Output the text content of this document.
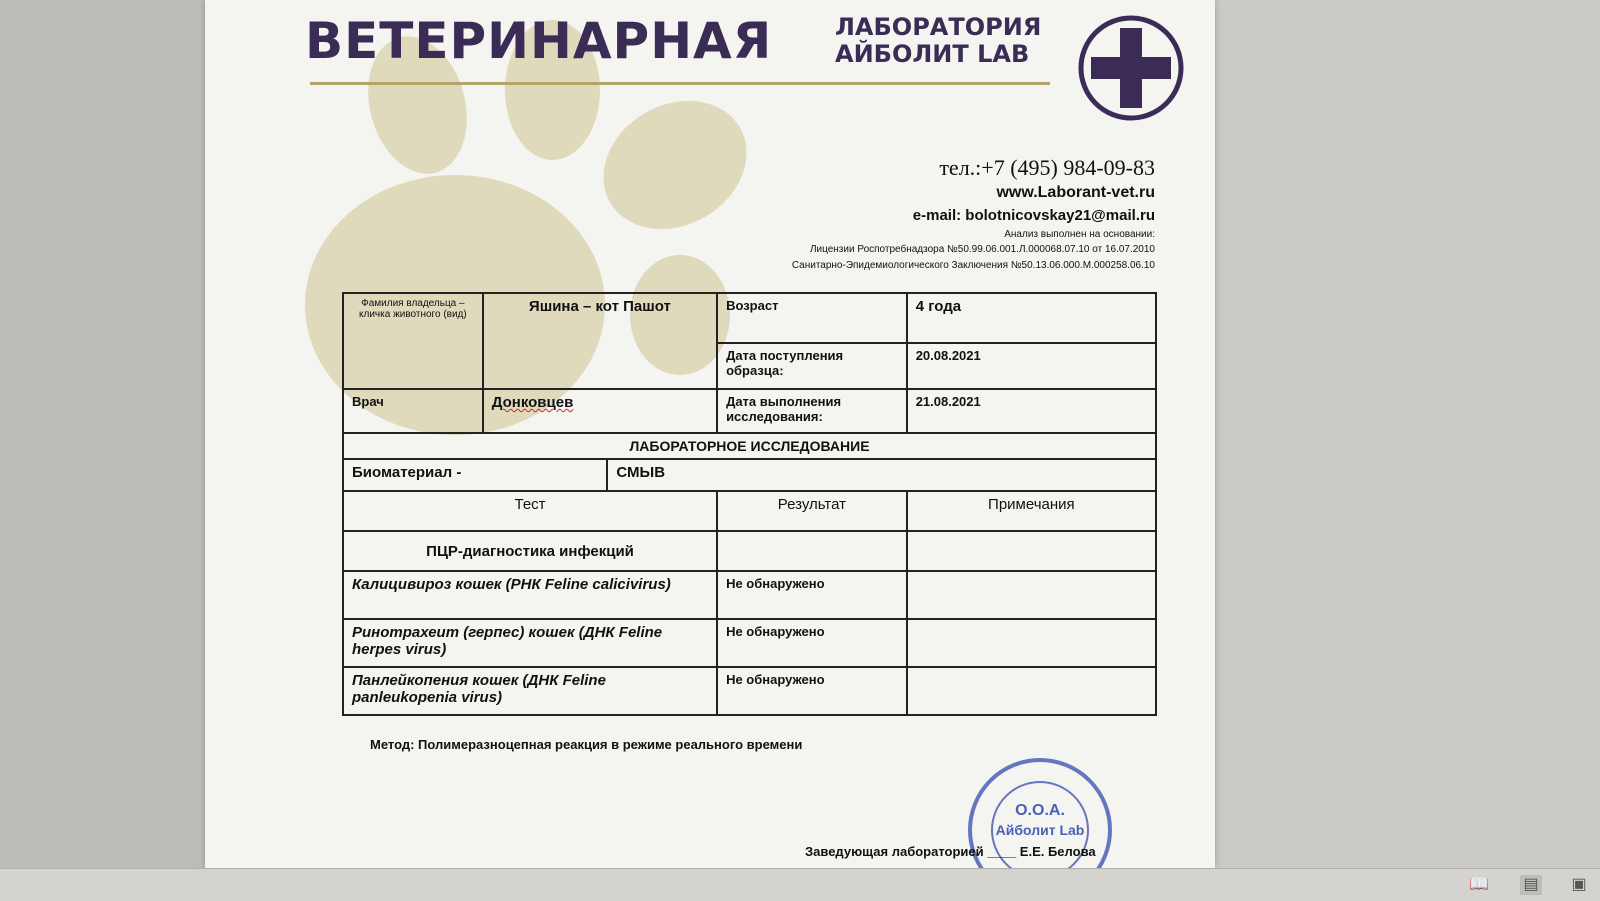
ВЕТЕРИНАРНАЯ	ЛАБОРАТОРИЯ
АЙБОЛИТ LAB
тел.:+7 (495) 984-09-83
www.Laborant-vet.ru
e-mail: bolotnicovskay21@mail.ru
Анализ выполнен на основании:
Лицензии Роспотребнадзора №50.99.06.001.Л.000068.07.10 от 16.07.2010
Санитарно-Эпидемиологического Заключения №50.13.06.000.М.000258.06.10
Фамилия владельца – кличка животного (вид)	Яшина – кот Пашот		Возраст	4 года
			Дата поступления образца:	20.08.2021
Врач	Донковцев		Дата выполнения исследования:	21.08.2021
ЛАБОРАТОРНОЕ ИССЛЕДОВАНИЕ				
Биоматериал -		СМЫВ		
Тест			Результат	Примечания
ПЦР-диагностика инфекций				
Калицивироз кошек (РНК Feline calicivirus)			Не обнаружено	
Ринотрахеит (герпес) кошек (ДНК Feline herpes virus)			Не обнаружено	
Панлейкопения кошек (ДНК Feline panleukopenia virus)			Не обнаружено	
Метод: Полимеразноцепная реакция в режиме реального времени
О.О.А.
Айболит Lab
Заведующая лабораторией ____ Е.Е. Белова
📖 ▤ ▣
